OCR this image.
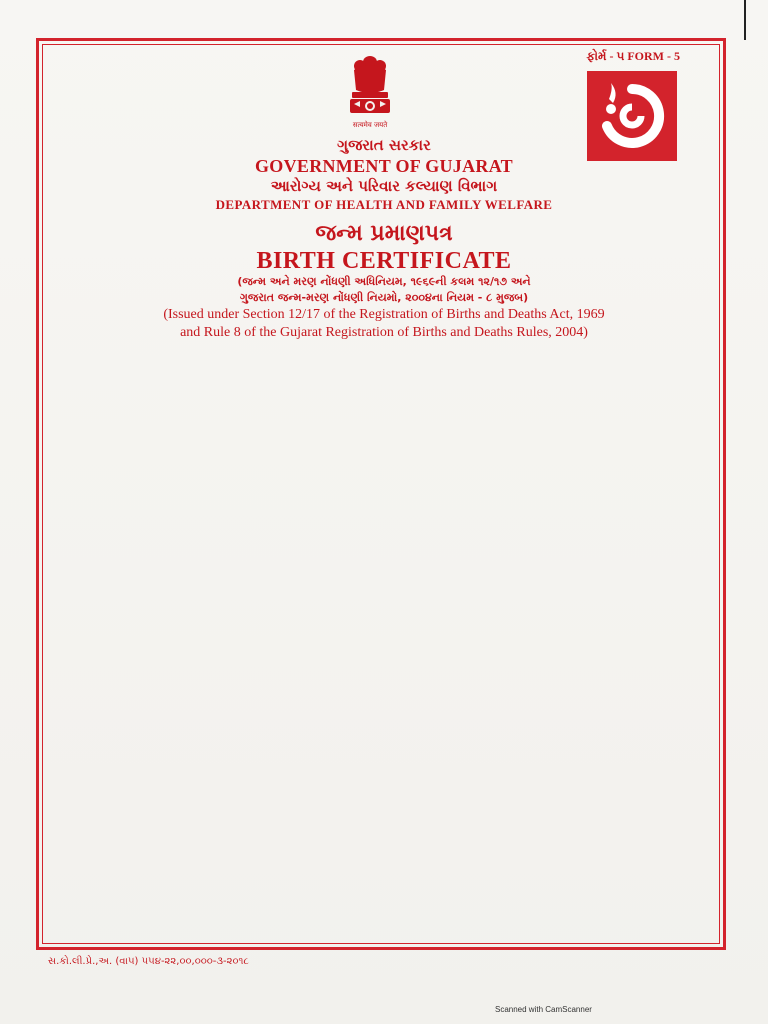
ફોર્મ - ૫ FORM - 5
सत्यमेव जयते
ગુજરાત સરકાર
GOVERNMENT OF GUJARAT
આરોગ્ય અને પરિવાર કલ્યાણ વિભાગ
DEPARTMENT OF HEALTH AND FAMILY WELFARE
જન્મ પ્રમાણપત્ર
BIRTH CERTIFICATE
(જન્મ અને મરણ નોંધણી અધિનિયમ, ૧૯૬૯ની કલમ ૧૨/૧૭ અને
ગુજરાત જન્મ-મરણ નોંધણી નિયમો, ૨૦૦૪ના નિયમ - ૮ મુજબ)
(Issued under Section 12/17 of the Registration of Births and Deaths Act, 1969
and Rule 8 of the Gujarat Registration of Births and Deaths Rules, 2004)
સ.કો.લી.પ્રે.,અ. (વા૫) ૫૫૪-૨૨,૦૦,૦૦૦-૩-૨૦૧૮
Scanned with CamScanner
